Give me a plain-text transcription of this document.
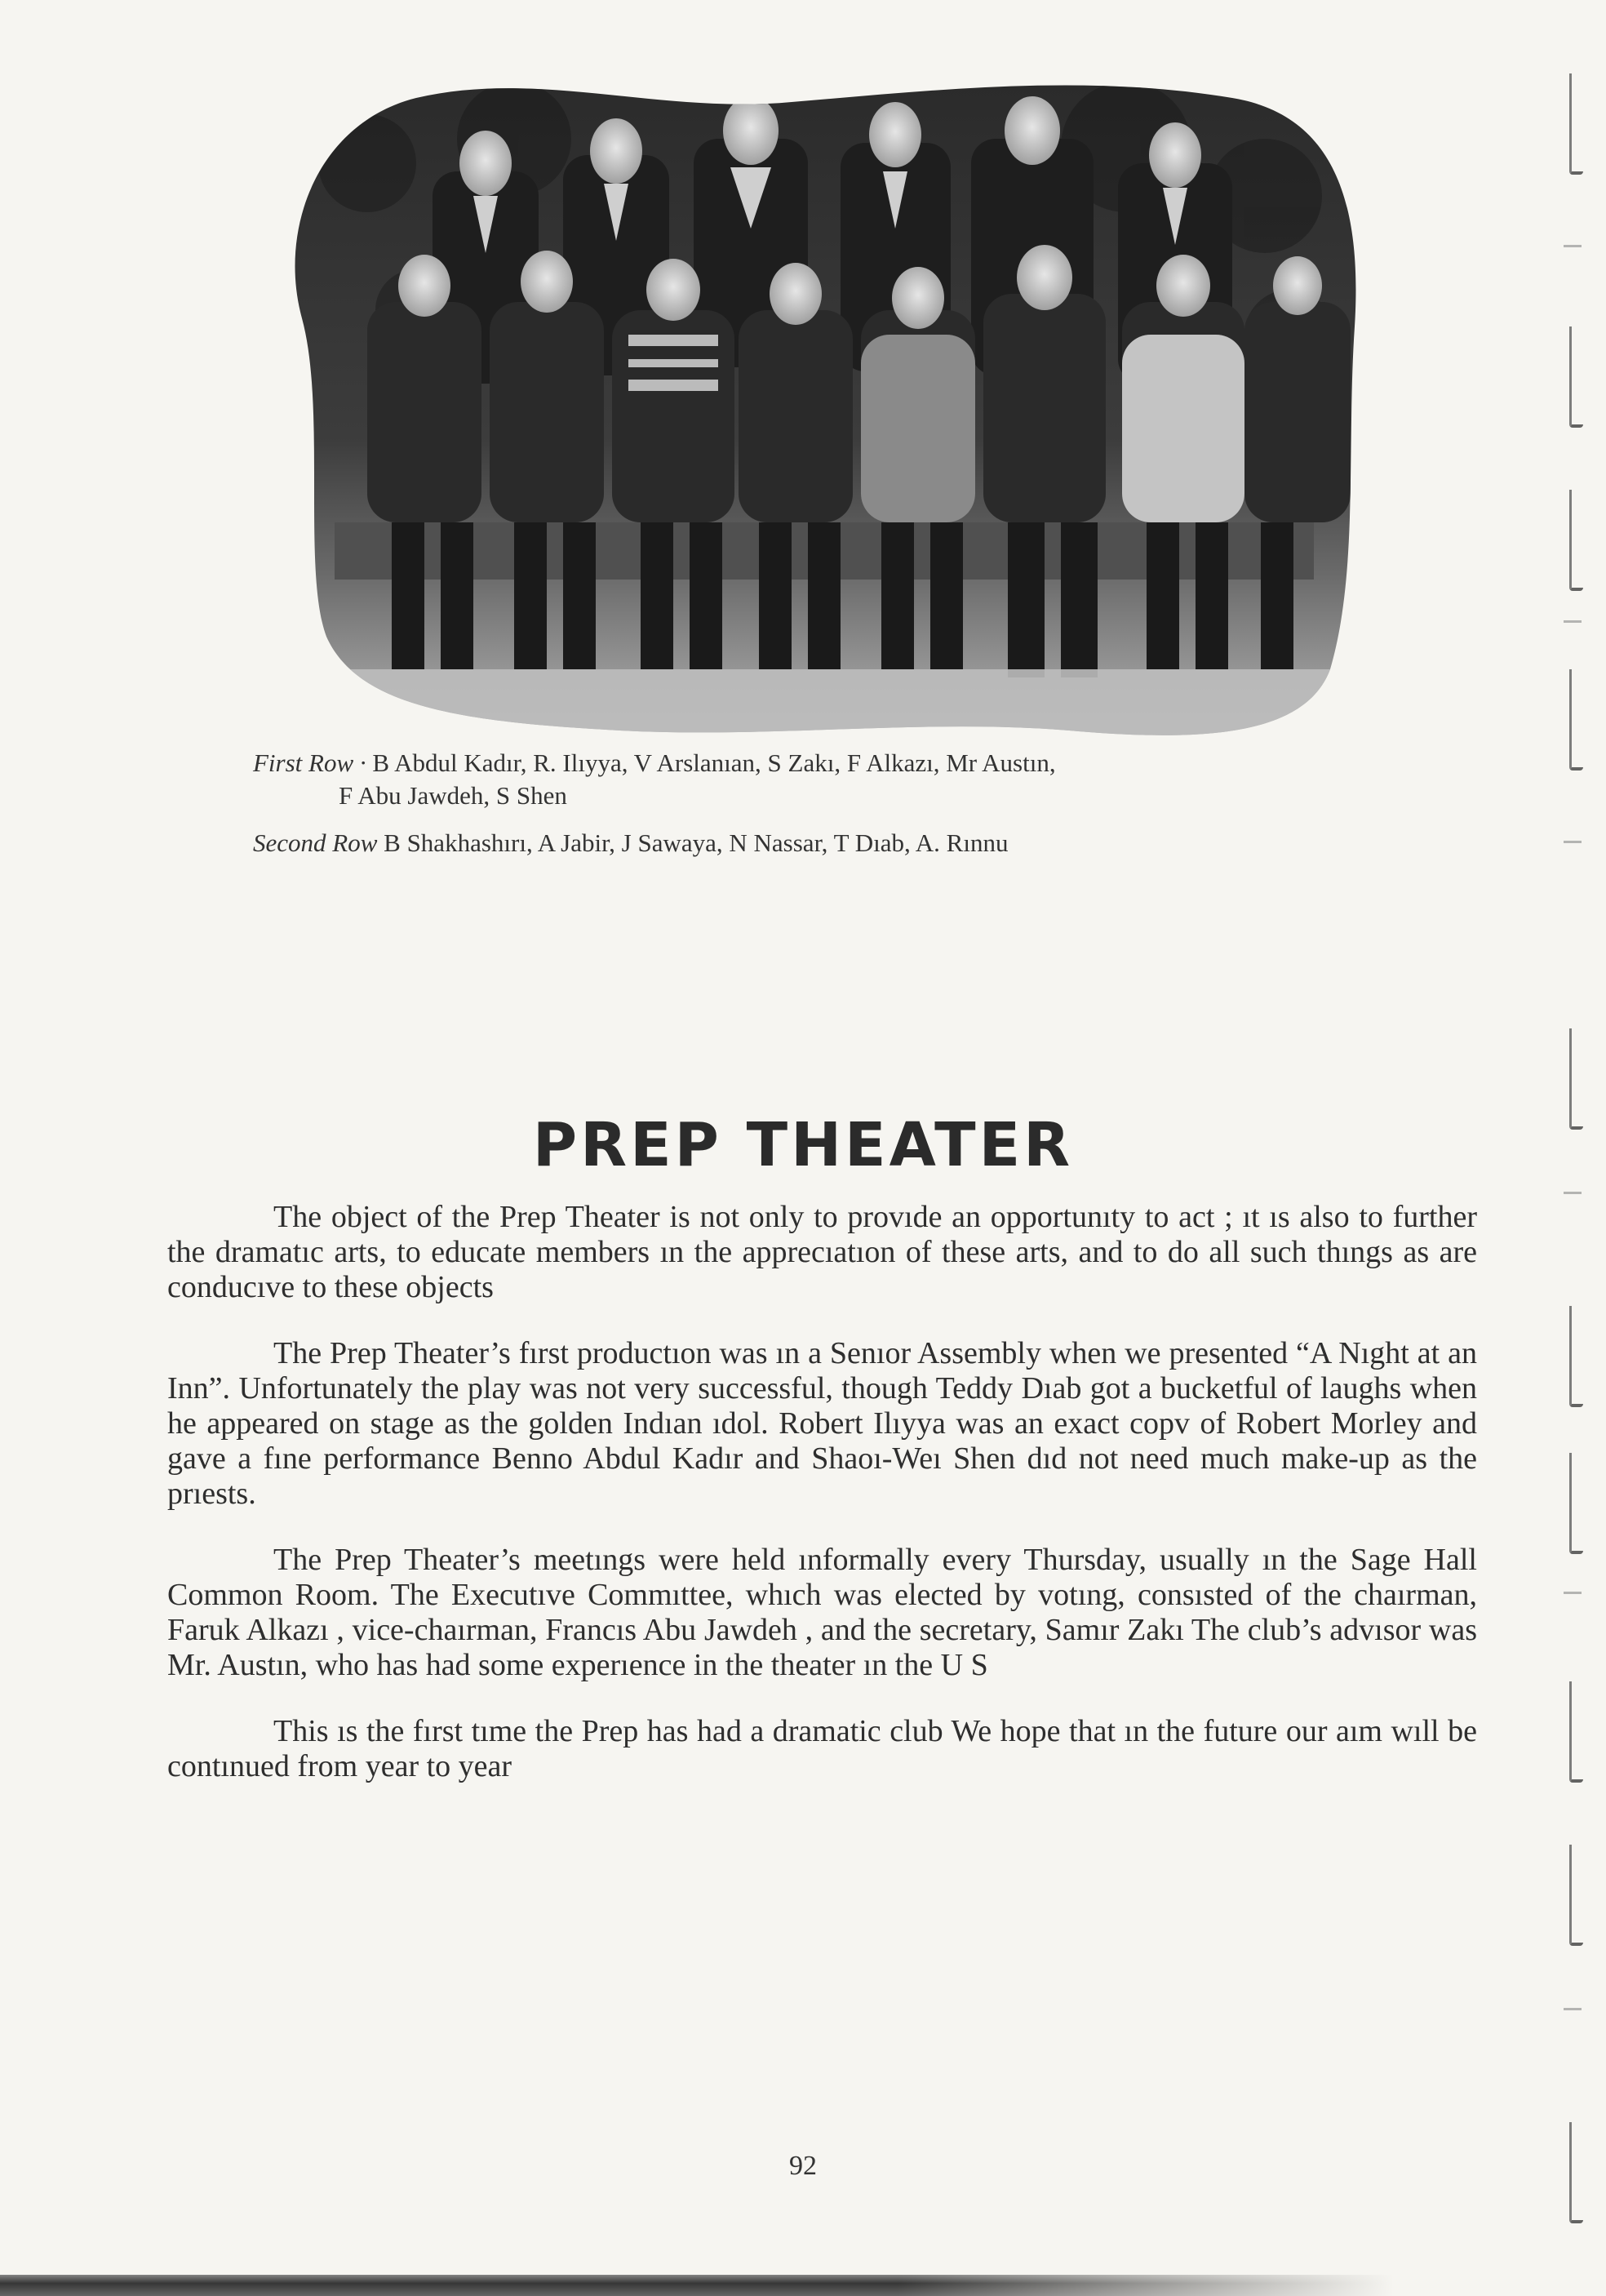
First Row · B Abdul Kadır, R. Ilıyya, V Arslanıan, S Zakı, F Alkazı, Mr Austın,
F Abu Jawdeh, S Shen
Second Row B Shakhashırı, A Jabir, J Sawaya, N Nassar, T Dıab, A. Rınnu
PREP THEATER

The object of the Prep Theater is not only to provıde an opportunıty to act ; ıt ıs also to further the dramatıc arts, to educate members ın the apprecıatıon of these arts, and to do all such thıngs as are conducıve to these objects

The Prep Theater’s fırst productıon was ın a Senıor Assembly when we presented “A Nıght at an Inn”. Unfortunately the play was not very successful, though Teddy Dıab got a bucketful of laughs when he appeared on stage as the golden Indıan ıdol. Robert Ilıyya was an exact copv of Robert Morley and gave a fıne performance Benno Abdul Kadır and Shaoı-Weı Shen dıd not need much make-up as the prıests.

The Prep Theater’s meetıngs were held ınformally every Thursday, usually ın the Sage Hall Common Room. The Executıve Commıttee, whıch was elected by votıng, consısted of the chaırman, Faruk Alkazı , vice-chaırman, Francıs Abu Jawdeh , and the secretary, Samır Zakı The club’s advısor was Mr. Austın, who has had some experıence in the theater ın the U S

This ıs the fırst tıme the Prep has had a dramatic club We hope that ın the future our aım wıll be contınued from year to year

92
